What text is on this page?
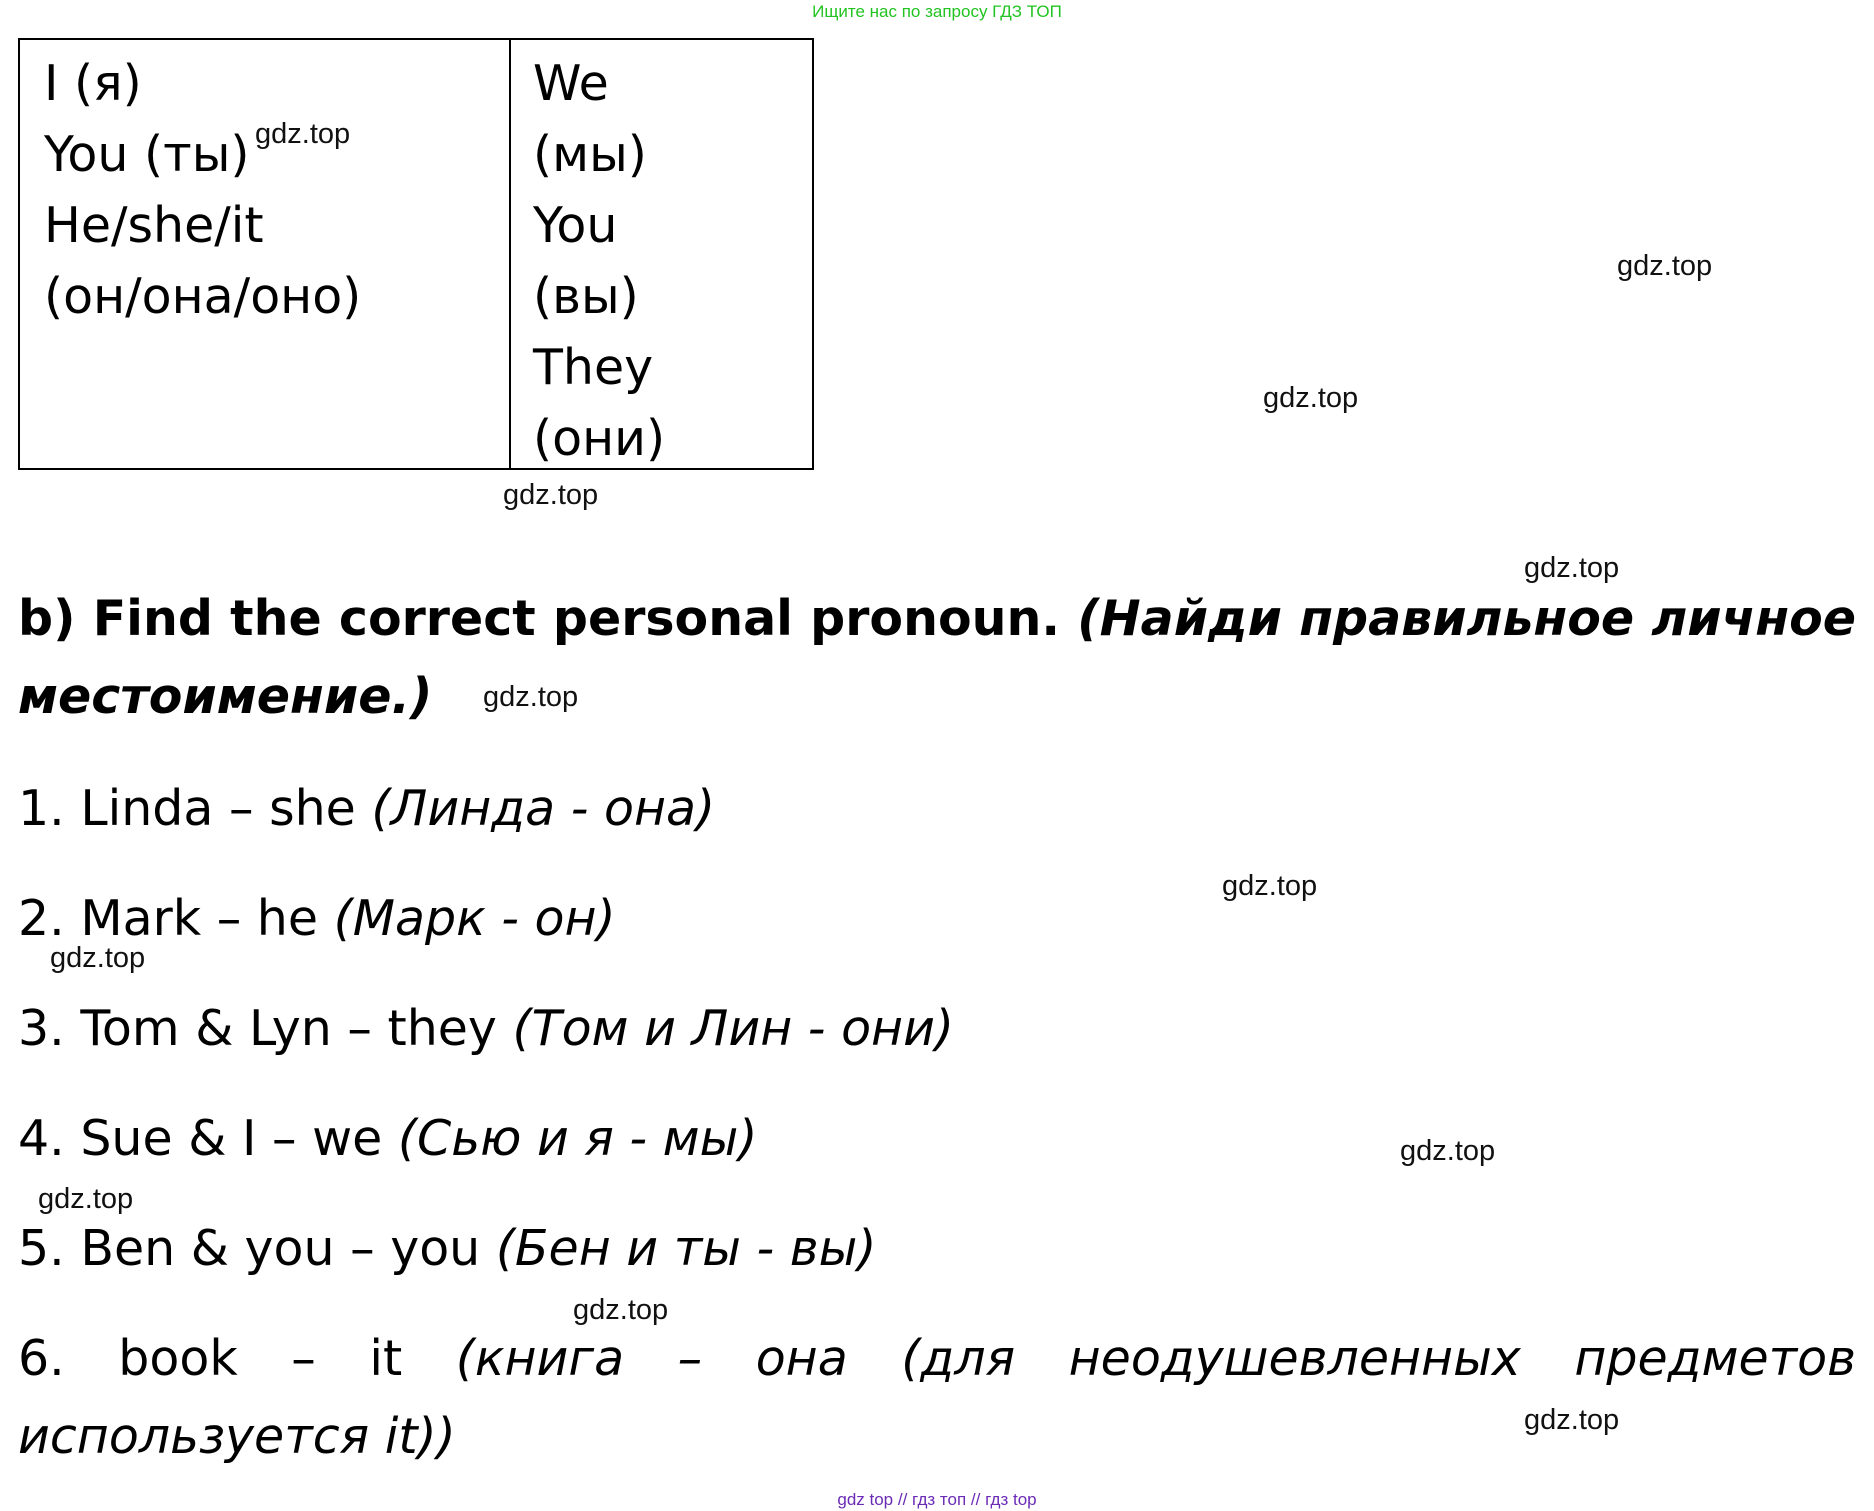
Ищите нас по запросу ГДЗ ТОП
I (я)
You (ты)
He/she/it
(он/она/оно)
We
(мы)
You
(вы)
They
(они)
b) Find the correct personal pronoun. (Найди правильное личное местоимение.)
1. Linda – she (Линда - она)
2. Mark – he (Марк - он)
3. Tom & Lyn – they (Том и Лин - они)
4. Sue & I – we (Сью и я - мы)
5. Ben & you – you (Бен и ты - вы)
6. book – it (книга – она (для неодушевленных предметов используется it))
gdz.top
gdz.top
gdz.top
gdz.top
gdz.top
gdz.top
gdz.top
gdz.top
gdz.top
gdz.top
gdz.top
gdz.top
gdz top // гдз топ // гдз top
